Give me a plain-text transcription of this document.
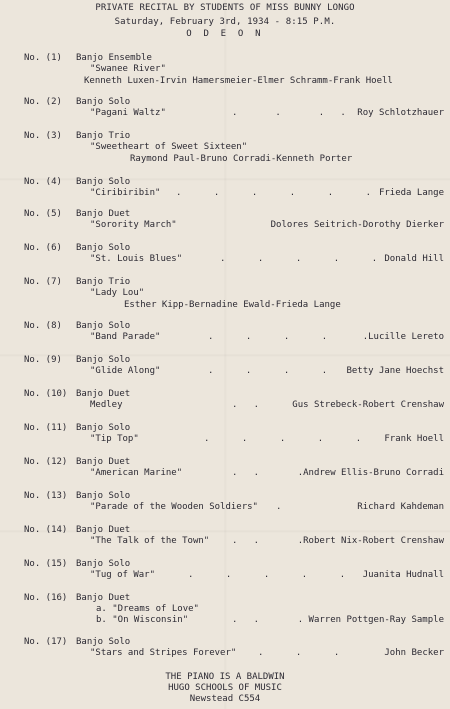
PRIVATE RECITAL BY STUDENTS OF MISS BUNNY LONGO
Saturday, February 3rd, 1934 - 8:15 P.M.
O D E O N
No. (1) Banjo Ensemble
"Swanee River"
Kenneth Luxen-Irvin Hamersmeier-Elmer Schramm-Frank Hoell
No. (2) Banjo Solo
"Pagani Waltz"	.       .       .   . Roy Schlotzhauer
No. (3) Banjo Trio
"Sweetheart of Sweet Sixteen"
Raymond Paul-Bruno Corradi-Kenneth Porter
No. (4) Banjo Solo
"Ciribiribin" .      .      .      .      .      . Frieda Lange
No. (5) Banjo Duet
"Sorority March"	Dolores Seitrich-Dorothy Dierker
No. (6) Banjo Solo
"St. Louis Blues"	.      .      .      .      . Donald Hill
No. (7) Banjo Trio
"Lady Lou"
Esther Kipp-Bernadine Ewald-Frieda Lange
No. (8) Banjo Solo
"Band Parade"	.      .      .      .	.Lucille Lereto
No. (9) Banjo Solo
"Glide Along"	.      .      .      . Betty Jane Hoechst
No. (10) Banjo Duet
Medley	.   .	Gus Strebeck-Robert Crenshaw
No. (11) Banjo Solo
"Tip Top"	.      .      .      .      .	Frank Hoell
No. (12) Banjo Duet
"American Marine"	.   .	.Andrew Ellis-Bruno Corradi
No. (13) Banjo Solo
"Parade of the Wooden Soldiers" .	Richard Kahdeman
No. (14) Banjo Duet
"The Talk of the Town"	.   .	.Robert Nix-Robert Crenshaw
No. (15) Banjo Solo
"Tug of War"	.      .      .      .      . Juanita Hudnall
No. (16) Banjo Duet
a. "Dreams of Love"
b. "On Wisconsin"	.   .	. Warren Pottgen-Ray Sample
No. (17) Banjo Solo
"Stars and Stripes Forever" .      .      .	John Becker
THE PIANO IS A BALDWIN
HUGO SCHOOLS OF MUSIC
Newstead C554
